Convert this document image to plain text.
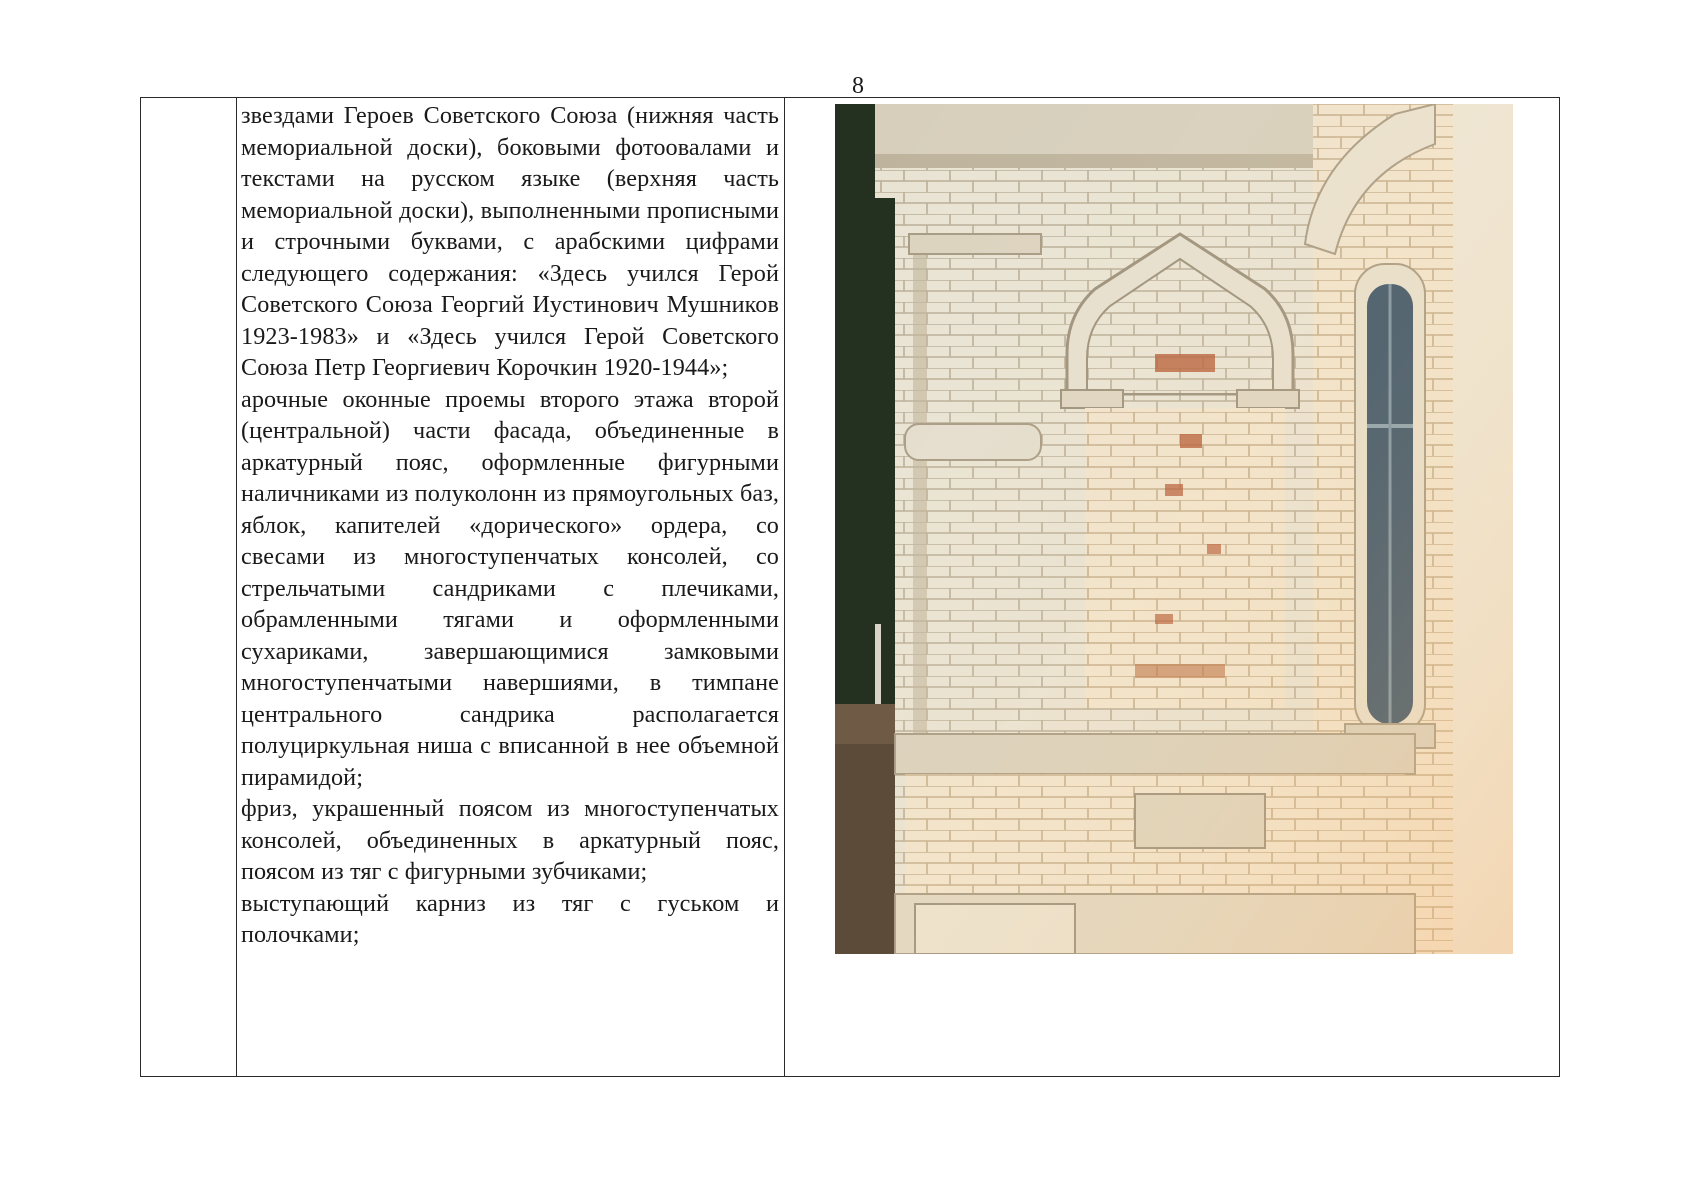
8

звездами Героев Советского Союза (нижняя часть мемориальной доски), боковыми фотоовалами и текстами на русском языке (верхняя часть мемориальной доски), выполненными прописными и строчными буквами, с арабскими цифрами следующего содержания: «Здесь учился Герой Советского Союза Георгий Иустинович Мушников 1923-1983» и «Здесь учился Герой Советского Союза Петр Георгиевич Корочкин 1920-1944»;

арочные оконные проемы второго этажа второй (центральной) части фасада, объединенные в аркатурный пояс, оформленные фигурными наличниками из полуколонн из прямоугольных баз, яблок, капителей «дорического» ордера, со свесами из многоступенчатых консолей, со стрельчатыми сандриками с плечиками, обрамленными тягами и оформленными сухариками, завершающимися замковыми многоступенчатыми навершиями, в тимпане центрального сандрика располагается полуциркульная ниша с вписанной в нее объемной пирамидой;

фриз, украшенный поясом из многоступенчатых консолей, объединенных в аркатурный пояс, поясом из тяг с фигурными зубчиками;

выступающий карниз из тяг с гуськом и полочками;
